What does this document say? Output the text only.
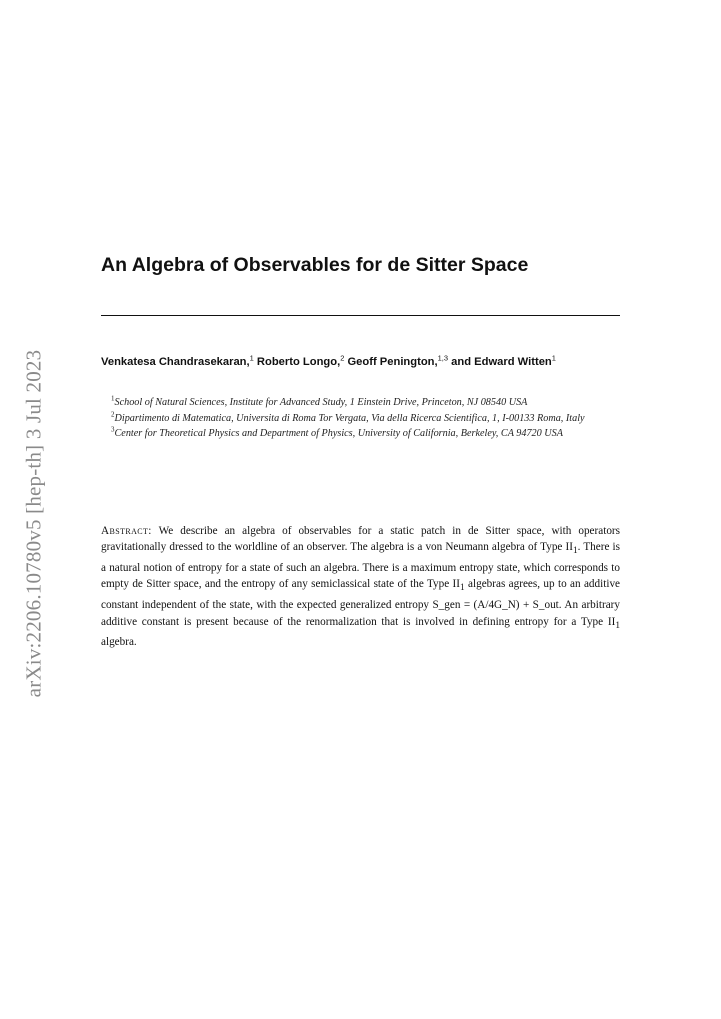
arXiv:2206.10780v5 [hep-th] 3 Jul 2023
An Algebra of Observables for de Sitter Space
Venkatesa Chandrasekaran,$^1$ Roberto Longo,$^2$ Geoff Penington,$^{1,3}$ and Edward Witten$^1$

$^1$School of Natural Sciences, Institute for Advanced Study, 1 Einstein Drive, Princeton, NJ 08540 USA

$^2$Dipartimento di Matematica, Universita di Roma Tor Vergata, Via della Ricerca Scientifica, 1, I-00133 Roma, Italy

$^3$Center for Theoretical Physics and Department of Physics, University of California, Berkeley, CA 94720 USA

Abstract: We describe an algebra of observables for a static patch in de Sitter space, with operators gravitationally dressed to the worldline of an observer. The algebra is a von Neumann algebra of Type $II_1$. There is a natural notion of entropy for a state of such an algebra. There is a maximum entropy state, which corresponds to empty de Sitter space, and the entropy of any semiclassical state of the Type $II_1$ algebras agrees, up to an additive constant independent of the state, with the expected generalized entropy S_gen = (A/4G_N) + S_out. An arbitrary additive constant is present because of the renormalization that is involved in defining entropy for a Type $II_1$ algebra.
